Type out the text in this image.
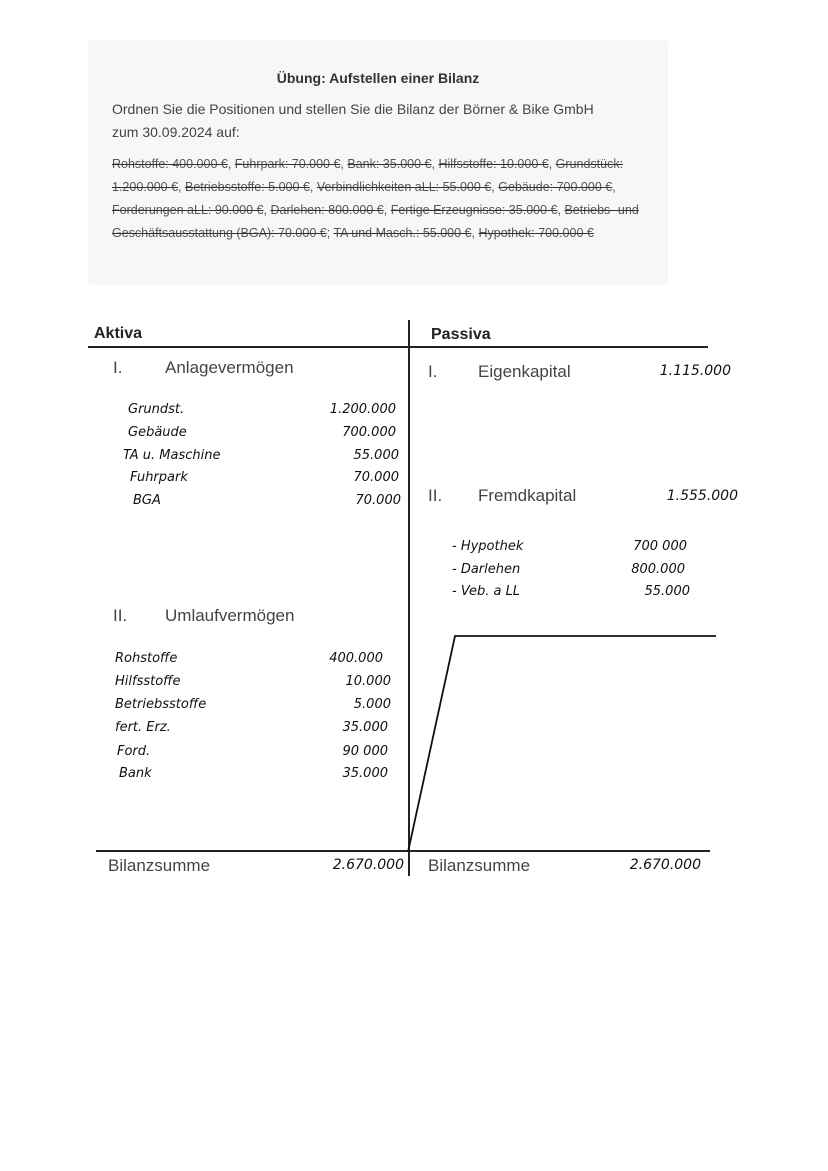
Übung: Aufstellen einer Bilanz
Ordnen Sie die Positionen und stellen Sie die Bilanz der Börner & Bike GmbH
zum 30.09.2024 auf:
Rohstoffe: 400.000 €, Fuhrpark: 70.000 €, Bank: 35.000 €, Hilfsstoffe: 10.000 €, Grundstück: 1.200.000 €, Betriebsstoffe: 5.000 €, Verbindlichkeiten aLL: 55.000 €, Gebäude: 700.000 €, Forderungen aLL: 90.000 €, Darlehen: 800.000 €, Fertige Erzeugnisse: 35.000 €, Betriebs- und Geschäftsausstattung (BGA): 70.000 €; TA und Masch.: 55.000 €, Hypothek: 700.000 €
Aktiva	Passiva
I.	Anlagevermögen
Grundst.	1.200.000
Gebäude	700.000
TA u. Maschine	55.000
Fuhrpark	70.000
BGA	70.000
II. Umlaufvermögen
Rohstoffe	400.000
Hilfsstoffe	10.000
Betriebsstoffe	5.000
fert. Erz.	35.000
Ford.	90 000
Bank	35.000
Bilanzsumme	2.670.000
I. Eigenkapital	1.115.000
II. Fremdkapital	1.555.000
- Hypothek	700 000
- Darlehen	800.000
- Veb. a LL	55.000
Bilanzsumme	2.670.000
